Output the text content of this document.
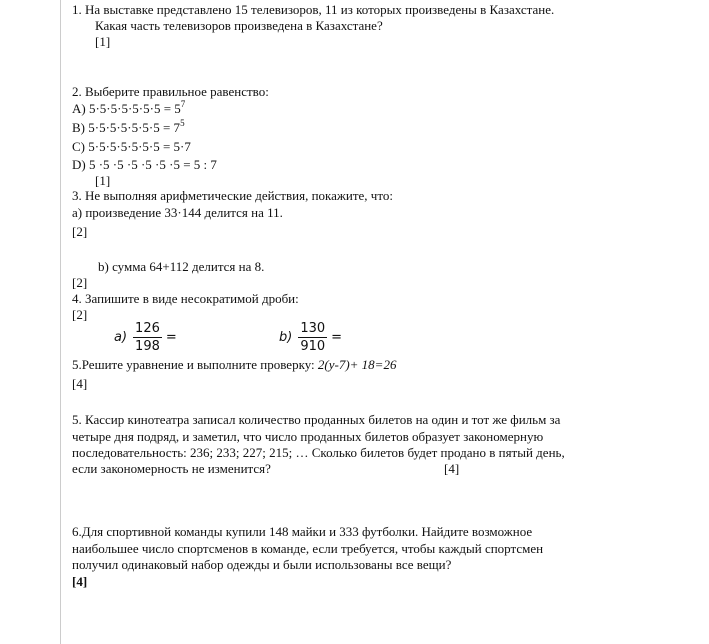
1. На выставке представлено 15 телевизоров, 11 из которых произведены в Казахстане.
Какая часть телевизоров произведена в Казахстане?
[1]
2. Выберите правильное равенство:
A) $5\cdot 5\cdot 5\cdot 5\cdot 5\cdot 5\cdot 5 = 5^7$
B) $5\cdot 5\cdot 5\cdot 5\cdot 5\cdot 5\cdot 5 = 7^5$
C) 5·5·5·5·5·5·5 = 5·7
D) 5 ·5 ·5 ·5 ·5 ·5 ·5 = 5 : 7
[1]
3. Не выполняя арифметические действия, покажите, что:
a) произведение 33·144 делится на 11.
[2]
b) сумма 64+112 делится на 8.
[2]
4. Запишите в виде несократимой дроби:
[2]
$a) \frac{126}{198}$ =	$b) \frac{130}{910}$ =
5.Решите уравнение и выполните проверку: 2(y-7)+ 18=26
[4]
5. Кассир кинотеатра записал количество проданных билетов на один и тот же фильм за
четыре дня подряд, и заметил, что число проданных билетов образует закономерную
последовательность: 236; 233; 227; 215; … Сколько билетов будет продано в пятый день,
если закономерность не изменится?	[4]
6.Для спортивной команды купили 148 майки и 333 футболки. Найдите возможное
наибольшее число спортсменов в команде, если требуется, чтобы каждый спортсмен
получил одинаковый набор одежды и были использованы все вещи?
[4]
